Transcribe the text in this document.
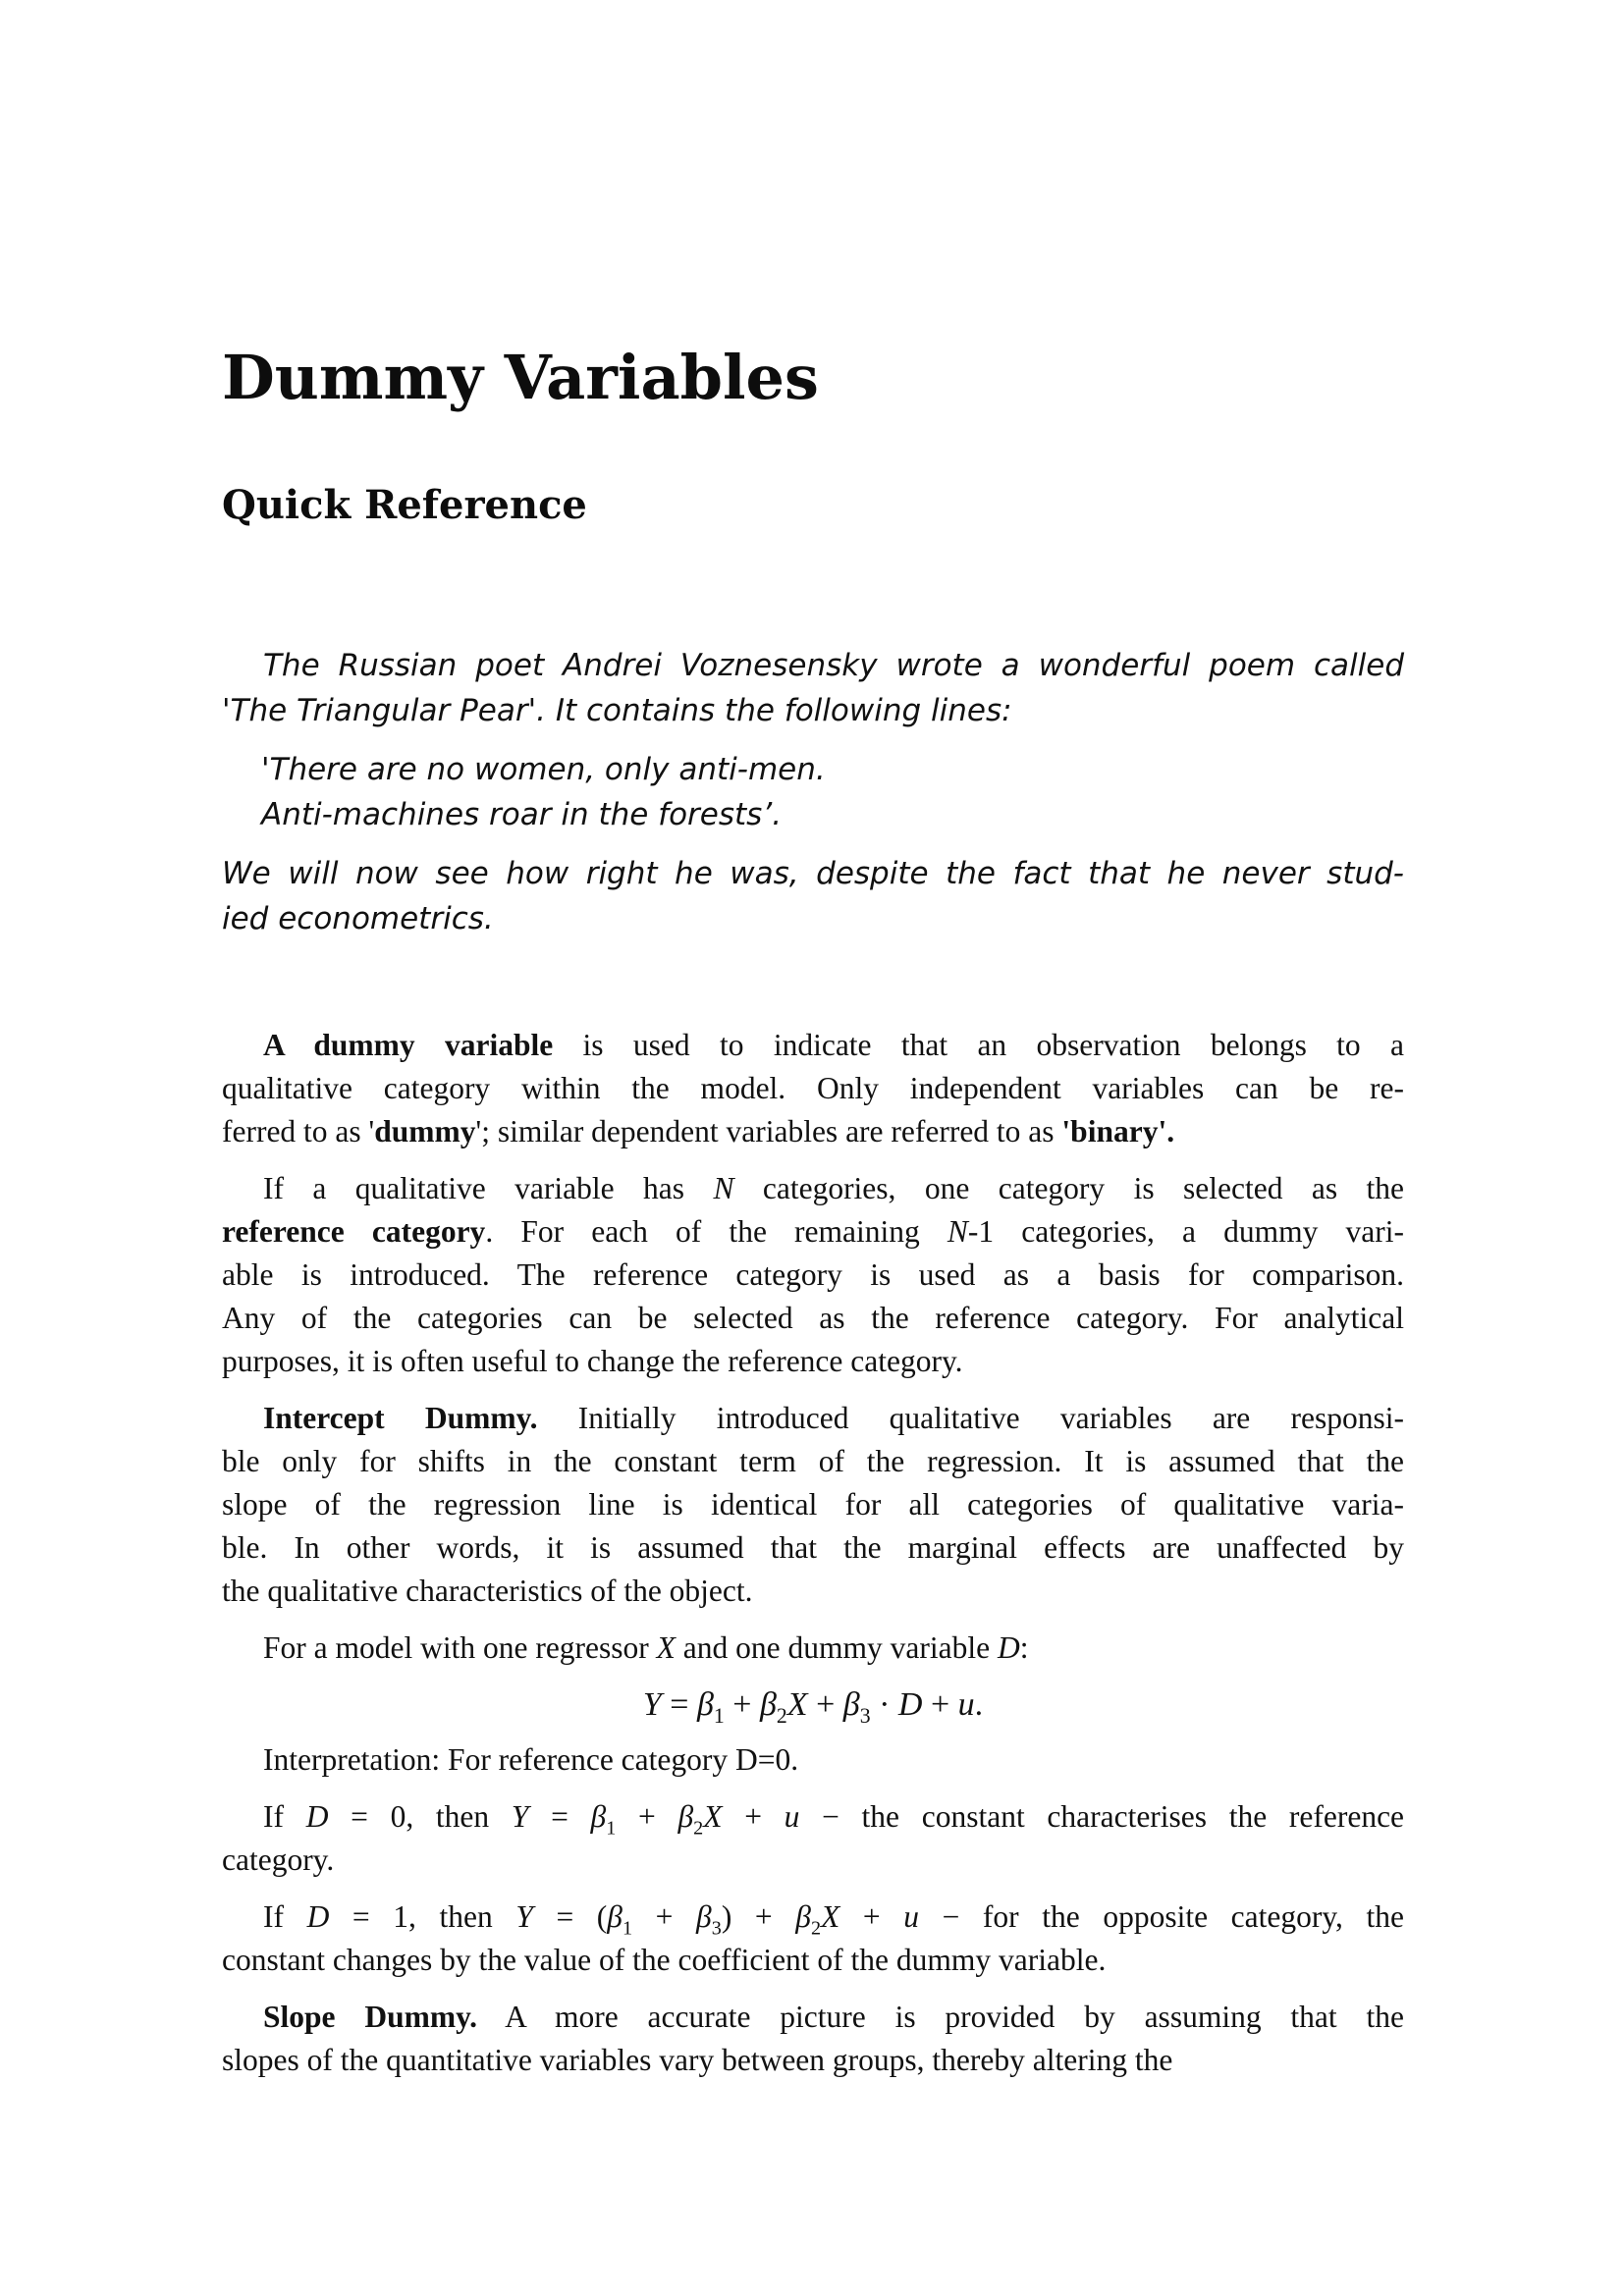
Dummy Variables
Quick Reference
The Russian poet Andrei Voznesensky wrote a wonderful poem called
'The Triangular Pear'. It contains the following lines:
'There are no women, only anti-men.
Anti-machines roar in the forests’.
We will now see how right he was, despite the fact that he never stud-
ied econometrics.
A dummy variable is used to indicate that an observation belongs to a
qualitative category within the model. Only independent variables can be re-
ferred to as 'dummy'; similar dependent variables are referred to as 'binary'.
If a qualitative variable has N categories, one category is selected as the
reference category. For each of the remaining N-1 categories, a dummy vari-
able is introduced. The reference category is used as a basis for comparison.
Any of the categories can be selected as the reference category. For analytical
purposes, it is often useful to change the reference category.
Intercept Dummy. Initially introduced qualitative variables are responsi-
ble only for shifts in the constant term of the regression. It is assumed that the
slope of the regression line is identical for all categories of qualitative varia-
ble. In other words, it is assumed that the marginal effects are unaffected by
the qualitative characteristics of the object.
For a model with one regressor X and one dummy variable D:
$Y = \beta_1 + \beta_2X + \beta_3 \cdot D + u$.
Interpretation: For reference category D=0.
If D = 0, then $Y = \beta_1 + \beta_2X + u$ − the constant characterises the reference
category.
If D = 1, then $Y = (\beta_1 + \beta_3) + \beta_2X + u$ − for the opposite category, the
constant changes by the value of the coefficient of the dummy variable.
Slope Dummy. A more accurate picture is provided by assuming that the
slopes of the quantitative variables vary between groups, thereby altering the
